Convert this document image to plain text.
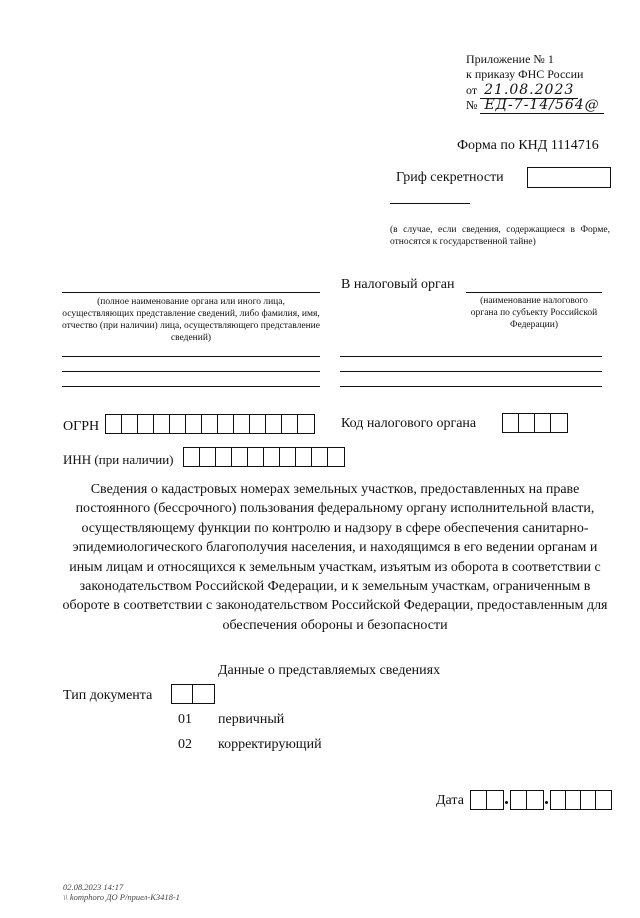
Приложение № 1
к приказу ФНС России
от 21.08.2023
№ ЕД-7-14/564@
Форма по КНД 1114716
Гриф секретности
(в случае, если сведения, содержащиеся в Форме, относятся к государственной тайне)
В налоговый орган
(наименование налогового органа по субъекту Российской Федерации)
(полное наименование органа или иного лица, осуществляющих представление сведений, либо фамилия, имя, отчество (при наличии) лица, осуществляющего представление сведений)
ОГРН	Код налогового органа
ИНН (при наличии)
Сведения о кадастровых номерах земельных участков, предоставленных на праве постоянного (бессрочного) пользования федеральному органу исполнительной власти, осуществляющему функции по контролю и надзору в сфере обеспечения санитарно-эпидемиологического благополучия населения, и находящимся в его ведении органам и иным лицам и относящихся к земельным участкам, изъятым из оборота в соответствии с законодательством Российской Федерации, и к земельным участкам, ограниченным в обороте в соответствии с законодательством Российской Федерации, предоставленным для обеспечения обороны и безопасности
Данные о представляемых сведениях
Тип документа
01 первичный
02 корректирующий
Дата
02.08.2023 14:17
\\ komphoro ДО Р/приел-К3418-1
